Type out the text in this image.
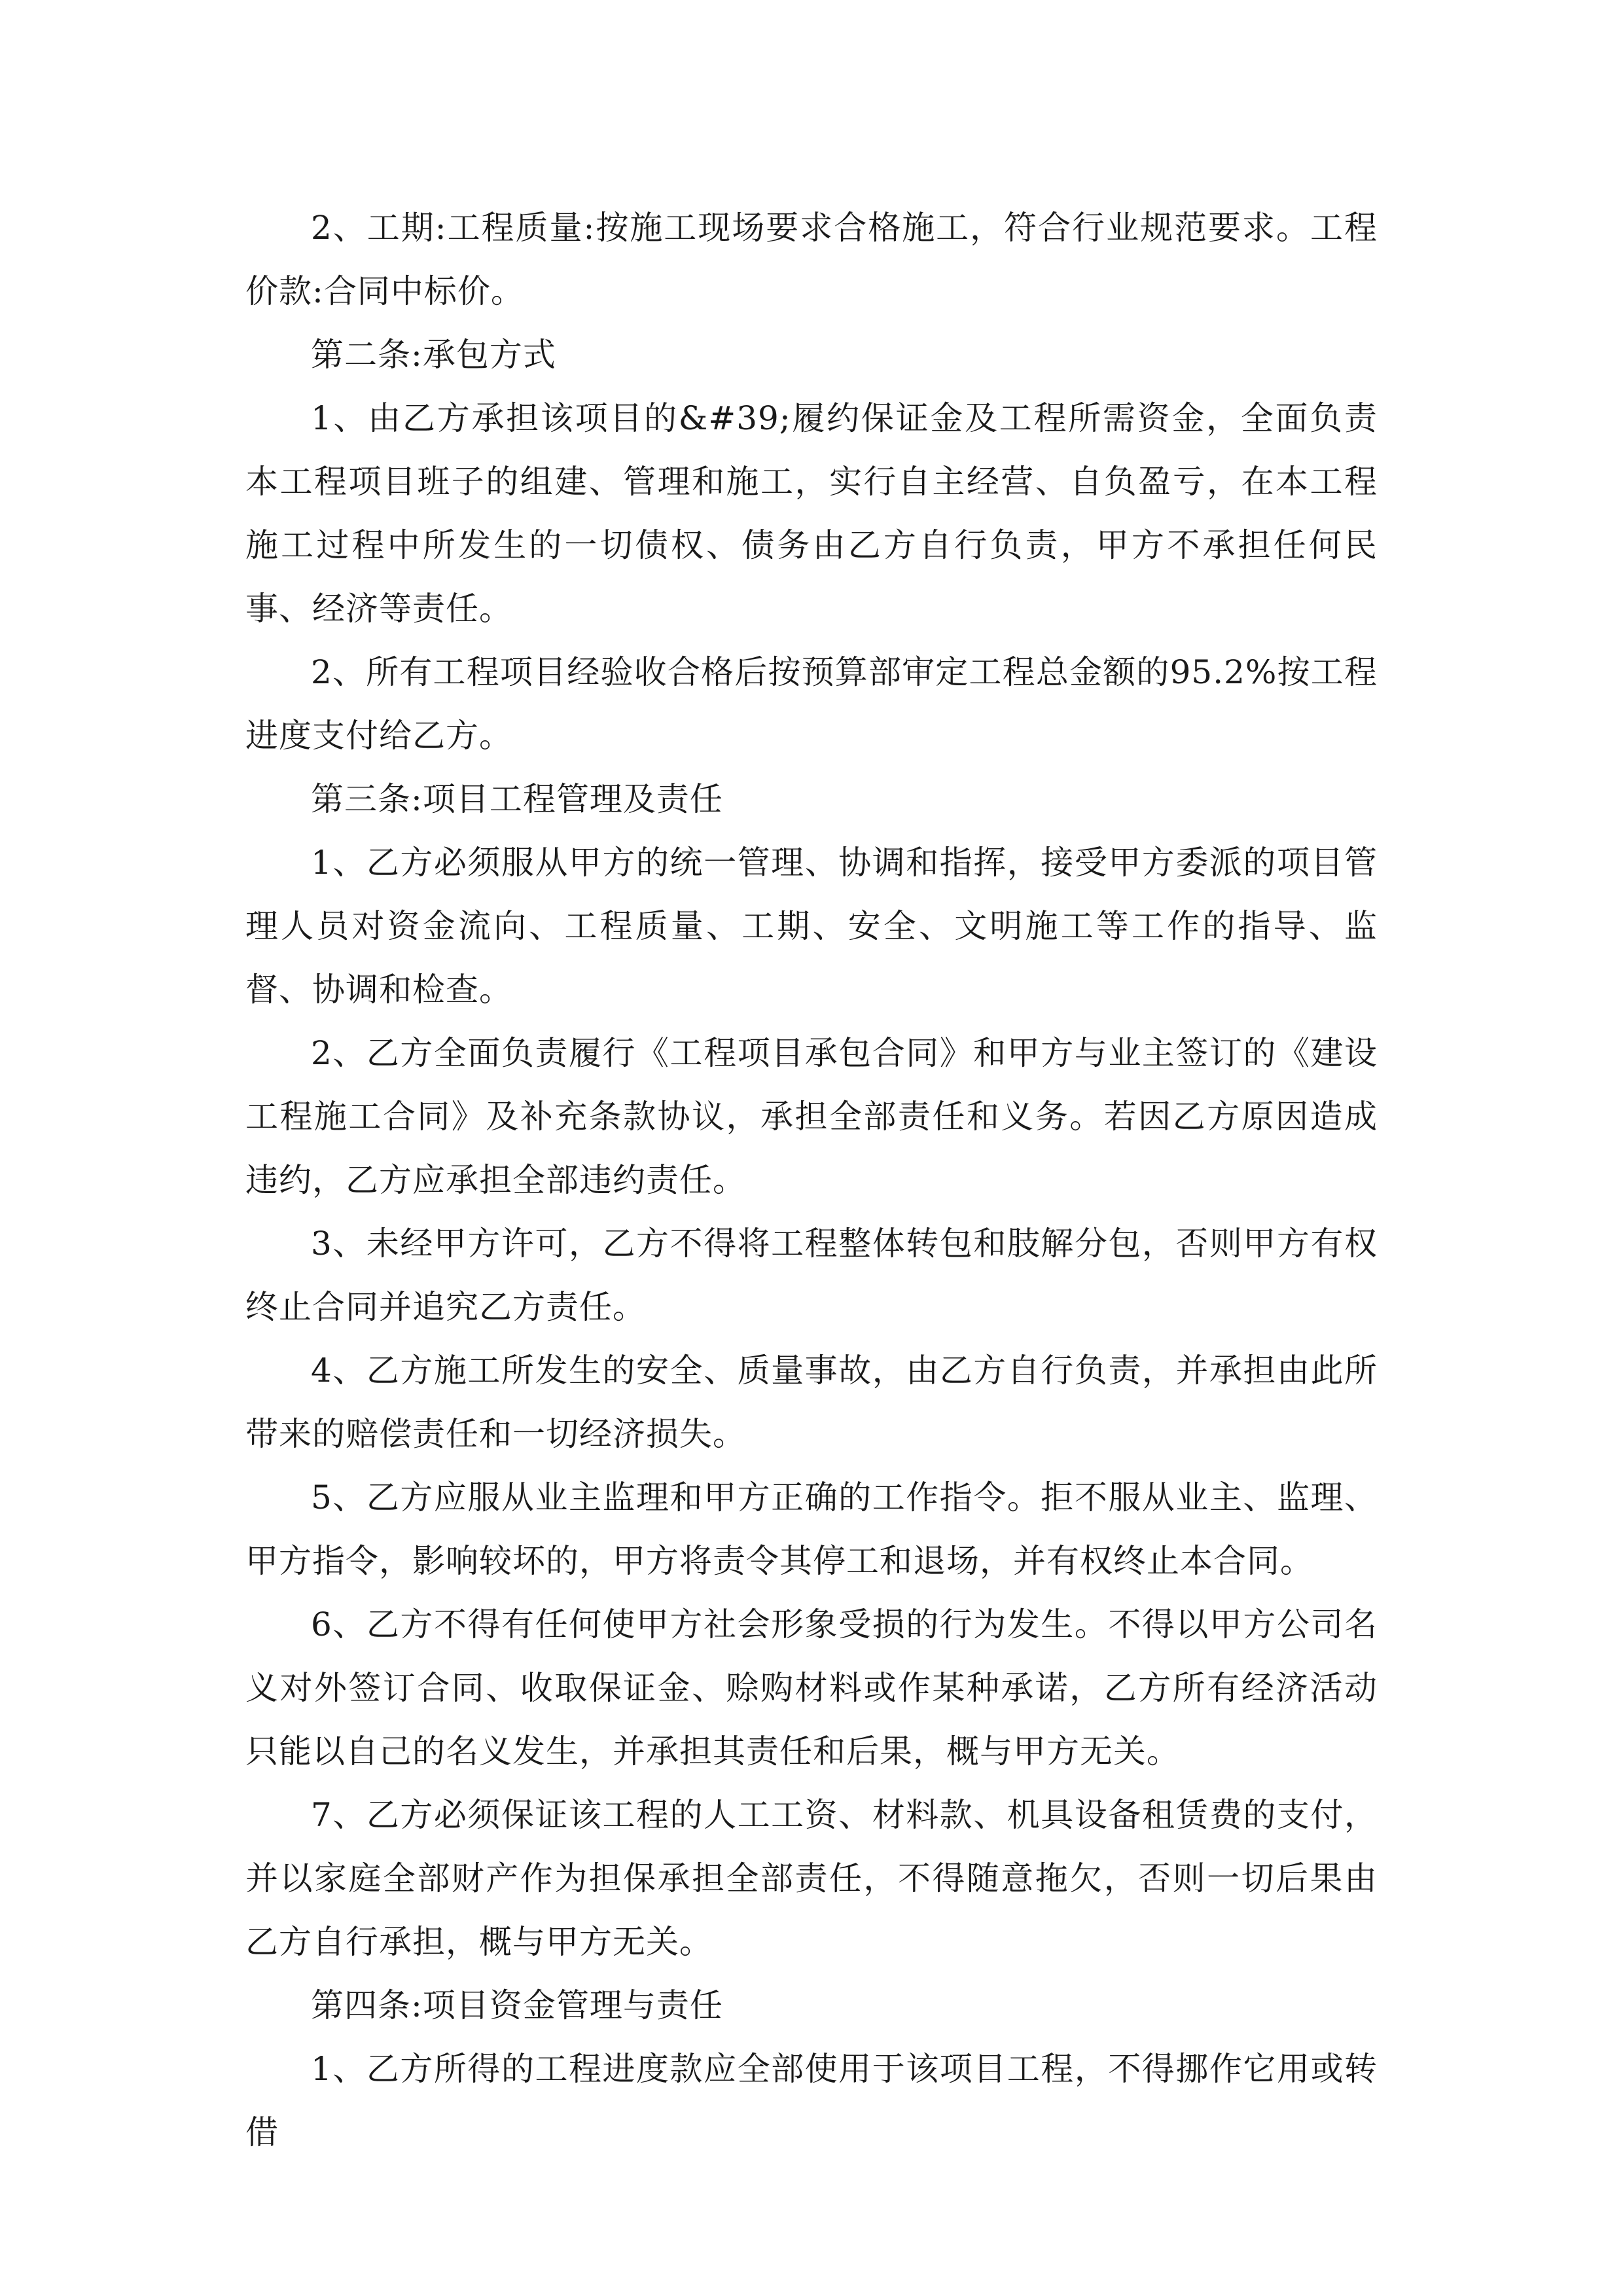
2、工期:工程质量:按施工现场要求合格施工，符合行业规范要求。工程价款:合同中标价。

第二条:承包方式

1、由乙方承担该项目的&#39;履约保证金及工程所需资金，全面负责本工程项目班子的组建、管理和施工，实行自主经营、自负盈亏，在本工程施工过程中所发生的一切债权、债务由乙方自行负责，甲方不承担任何民事、经济等责任。

2、所有工程项目经验收合格后按预算部审定工程总金额的95.2%按工程进度支付给乙方。

第三条:项目工程管理及责任

1、乙方必须服从甲方的统一管理、协调和指挥，接受甲方委派的项目管理人员对资金流向、工程质量、工期、安全、文明施工等工作的指导、监督、协调和检查。

2、乙方全面负责履行《工程项目承包合同》和甲方与业主签订的《建设工程施工合同》及补充条款协议，承担全部责任和义务。若因乙方原因造成违约，乙方应承担全部违约责任。

3、未经甲方许可，乙方不得将工程整体转包和肢解分包，否则甲方有权终止合同并追究乙方责任。

4、乙方施工所发生的安全、质量事故，由乙方自行负责，并承担由此所带来的赔偿责任和一切经济损失。

5、乙方应服从业主监理和甲方正确的工作指令。拒不服从业主、监理、甲方指令，影响较坏的，甲方将责令其停工和退场，并有权终止本合同。

6、乙方不得有任何使甲方社会形象受损的行为发生。不得以甲方公司名义对外签订合同、收取保证金、赊购材料或作某种承诺，乙方所有经济活动只能以自己的名义发生，并承担其责任和后果，概与甲方无关。

7、乙方必须保证该工程的人工工资、材料款、机具设备租赁费的支付，并以家庭全部财产作为担保承担全部责任，不得随意拖欠，否则一切后果由乙方自行承担，概与甲方无关。

第四条:项目资金管理与责任

1、乙方所得的工程进度款应全部使用于该项目工程，不得挪作它用或转借
